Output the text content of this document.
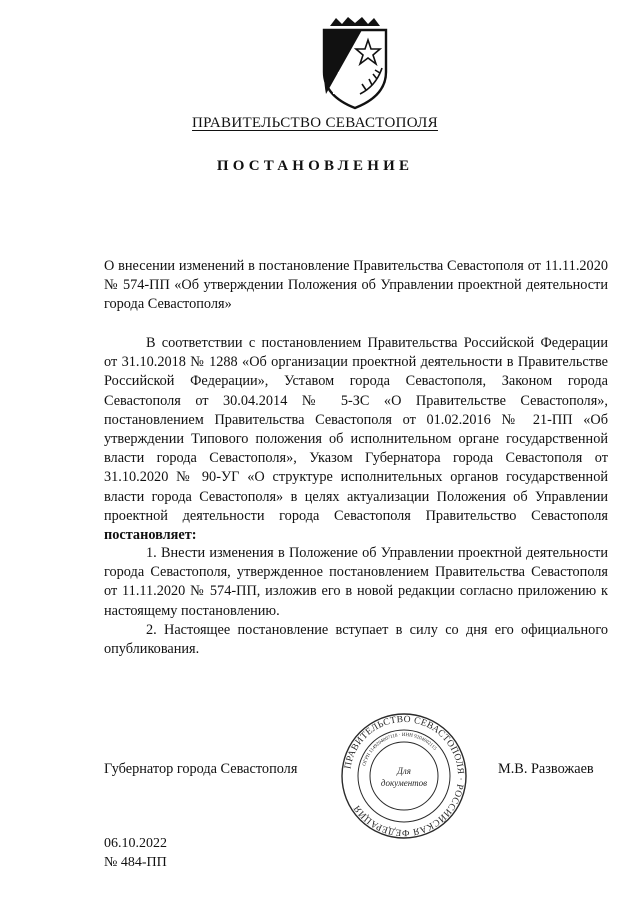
ПРАВИТЕЛЬСТВО СЕВАСТОПОЛЯ
ПОСТАНОВЛЕНИЕ
О внесении изменений в постановление Правительства Севастополя от 11.11.2020 № 574-ПП «Об утверждении Положения об Управлении проектной деятельности города Севастополя»
В соответствии с постановлением Правительства Российской Федерации от 31.10.2018 № 1288 «Об организации проектной деятельности в Правительстве Российской Федерации», Уставом города Севастополя, Законом города Севастополя от 30.04.2014 № 5-ЗС «О Правительстве Севастополя», постановлением Правительства Севастополя от 01.02.2016 № 21-ПП «Об утверждении Типового положения об исполнительном органе государственной власти города Севастополя», Указом Губернатора города Севастополя от 31.10.2020 № 90-УГ «О структуре исполнительных органов государственной власти города Севастополя» в целях актуализации Положения об Управлении проектной деятельности города Севастополя Правительство Севастополя постановляет:

1. Внести изменения в Положение об Управлении проектной деятельности города Севастополя, утвержденное постановлением Правительства Севастополя от 11.11.2020 № 574-ПП, изложив его в новой редакции согласно приложению к настоящему постановлению.

2. Настоящее постановление вступает в силу со дня его официального опубликования.

Губернатор города Севастополя	ПРАВИТЕЛЬСТВО СЕВАСТОПОЛЯ · РОССИЙСКАЯ ФЕДЕРАЦИЯ
ОГРН 1149204007118 · ИНН 9204002115
Для
документов
М.В. Развожаев
06.10.2022
№ 484-ПП
